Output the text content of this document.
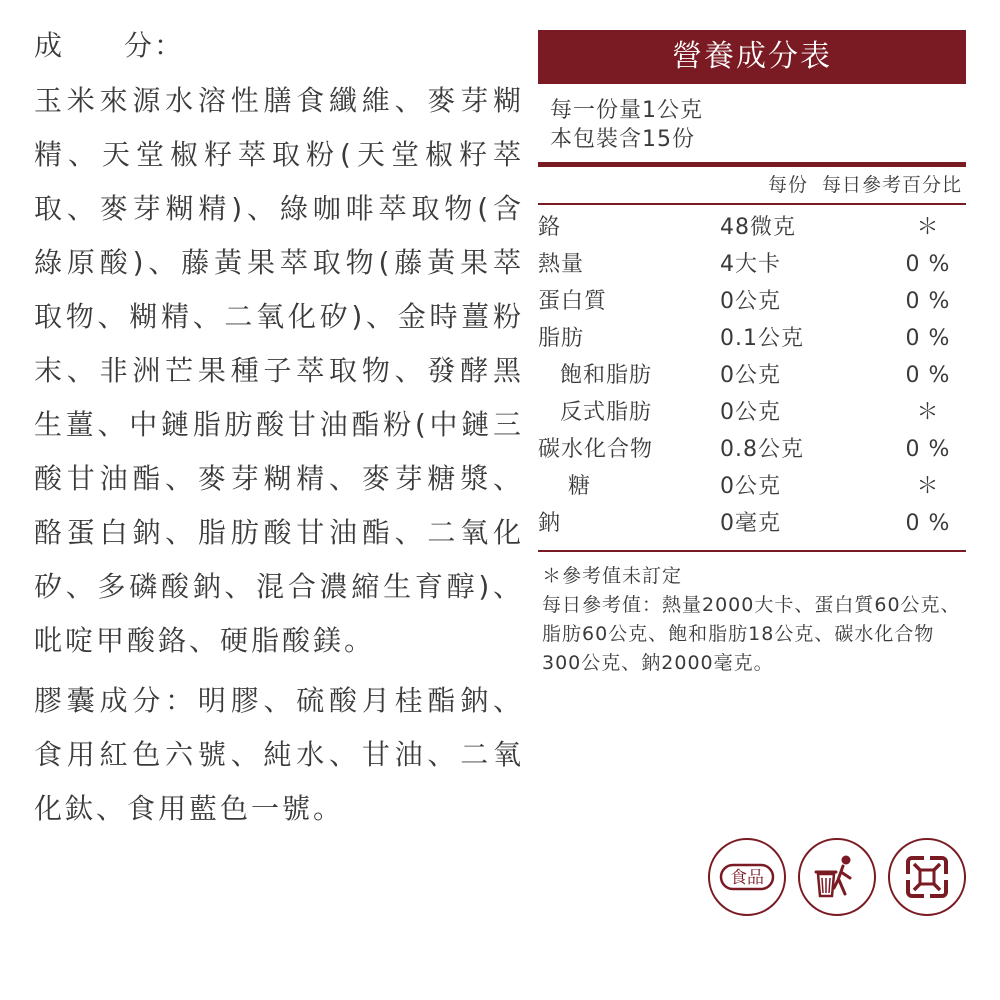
成　　分：
玉米來源水溶性膳食纖維、麥芽糊精、天堂椒籽萃取粉(天堂椒籽萃取、麥芽糊精)、綠咖啡萃取物(含綠原酸)、藤黃果萃取物(藤黃果萃取物、糊精、二氧化矽)、金時薑粉末、非洲芒果種子萃取物、發酵黑生薑、中鏈脂肪酸甘油酯粉(中鏈三酸甘油酯、麥芽糊精、麥芽糖漿、酪蛋白鈉、脂肪酸甘油酯、二氧化矽、多磷酸鈉、混合濃縮生育醇)、吡啶甲酸鉻、硬脂酸鎂。
膠囊成分：明膠、硫酸月桂酯鈉、食用紅色六號、純水、甘油、二氧化鈦、食用藍色一號。
營養成分表
每一份量1公克
本包裝含15份
每份 每日參考百分比
鉻	48微克	＊
熱量	4大卡	0 %
蛋白質	0公克	0 %
脂肪	0.1公克	0 %
飽和脂肪	0公克	0 %
反式脂肪	0公克	＊
碳水化合物	0.8公克	0 %
糖	0公克	＊
鈉	0毫克	0 %
＊參考值未訂定
每日參考值：熱量2000大卡、蛋白質60公克、脂肪60公克、飽和脂肪18公克、碳水化合物300公克、鈉2000毫克。
食品
